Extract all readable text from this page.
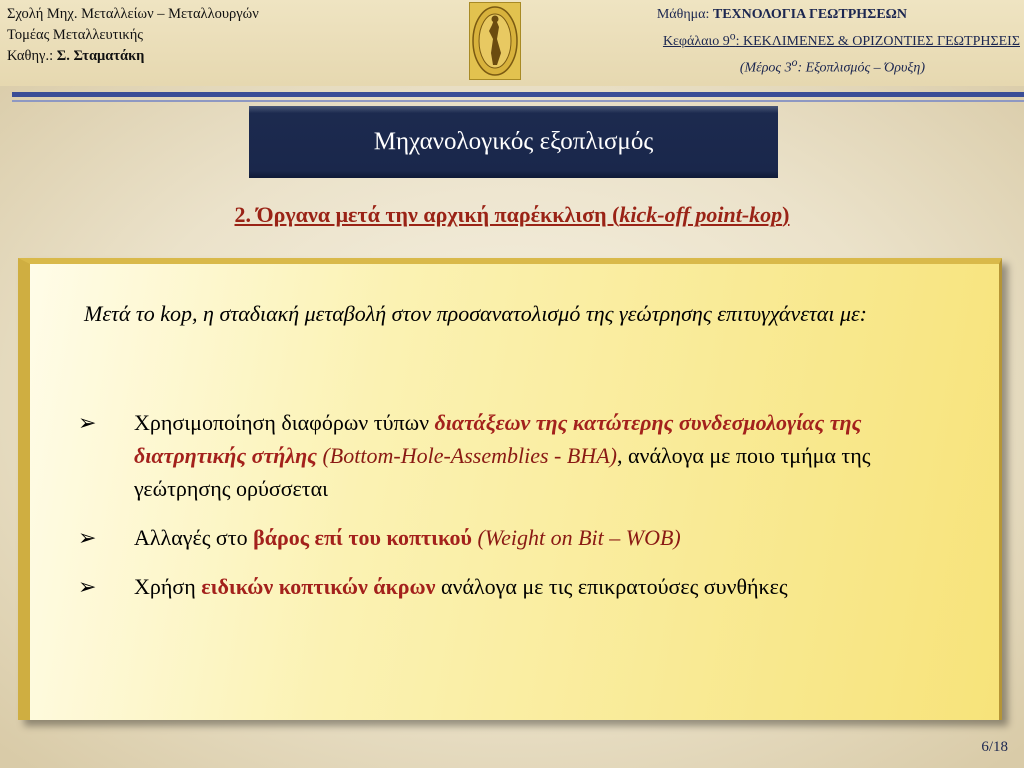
Σχολή Μηχ. Μεταλλείων – Μεταλλουργών
Τομέας Μεταλλευτικής
Καθηγ.: Σ. Σταματάκη
Μάθημα: ΤΕΧΝΟΛΟΓΙΑ ΓΕΩΤΡΗΣΕΩΝ
Κεφάλαιο $9^o$: ΚΕΚΛΙΜΕΝΕΣ & ΟΡΙΖΟΝΤΙΕΣ ΓΕΩΤΡΗΣΕΙΣ
(Μέρος $3^o$: Εξοπλισμός – Όρυξη)
Μηχανολογικός εξοπλισμός
2. Όργανα μετά την αρχική παρέκκλιση (kick-off point-kop)
Μετά το kop, η σταδιακή μεταβολή στον προσανατολισμό της γεώτρησης επιτυγχάνεται με:
➢	Χρησιμοποίηση διαφόρων τύπων διατάξεων της κατώτερης συνδεσμολογίας της διατρητικής στήλης (Bottom-Hole-Assemblies - BHA), ανάλογα με ποιο τμήμα της γεώτρησης ορύσσεται
➢	Αλλαγές στο βάρος επί του κοπτικού (Weight on Bit – WOB)
➢	Χρήση ειδικών κοπτικών άκρων ανάλογα με τις επικρατούσες συνθήκες
6/18
